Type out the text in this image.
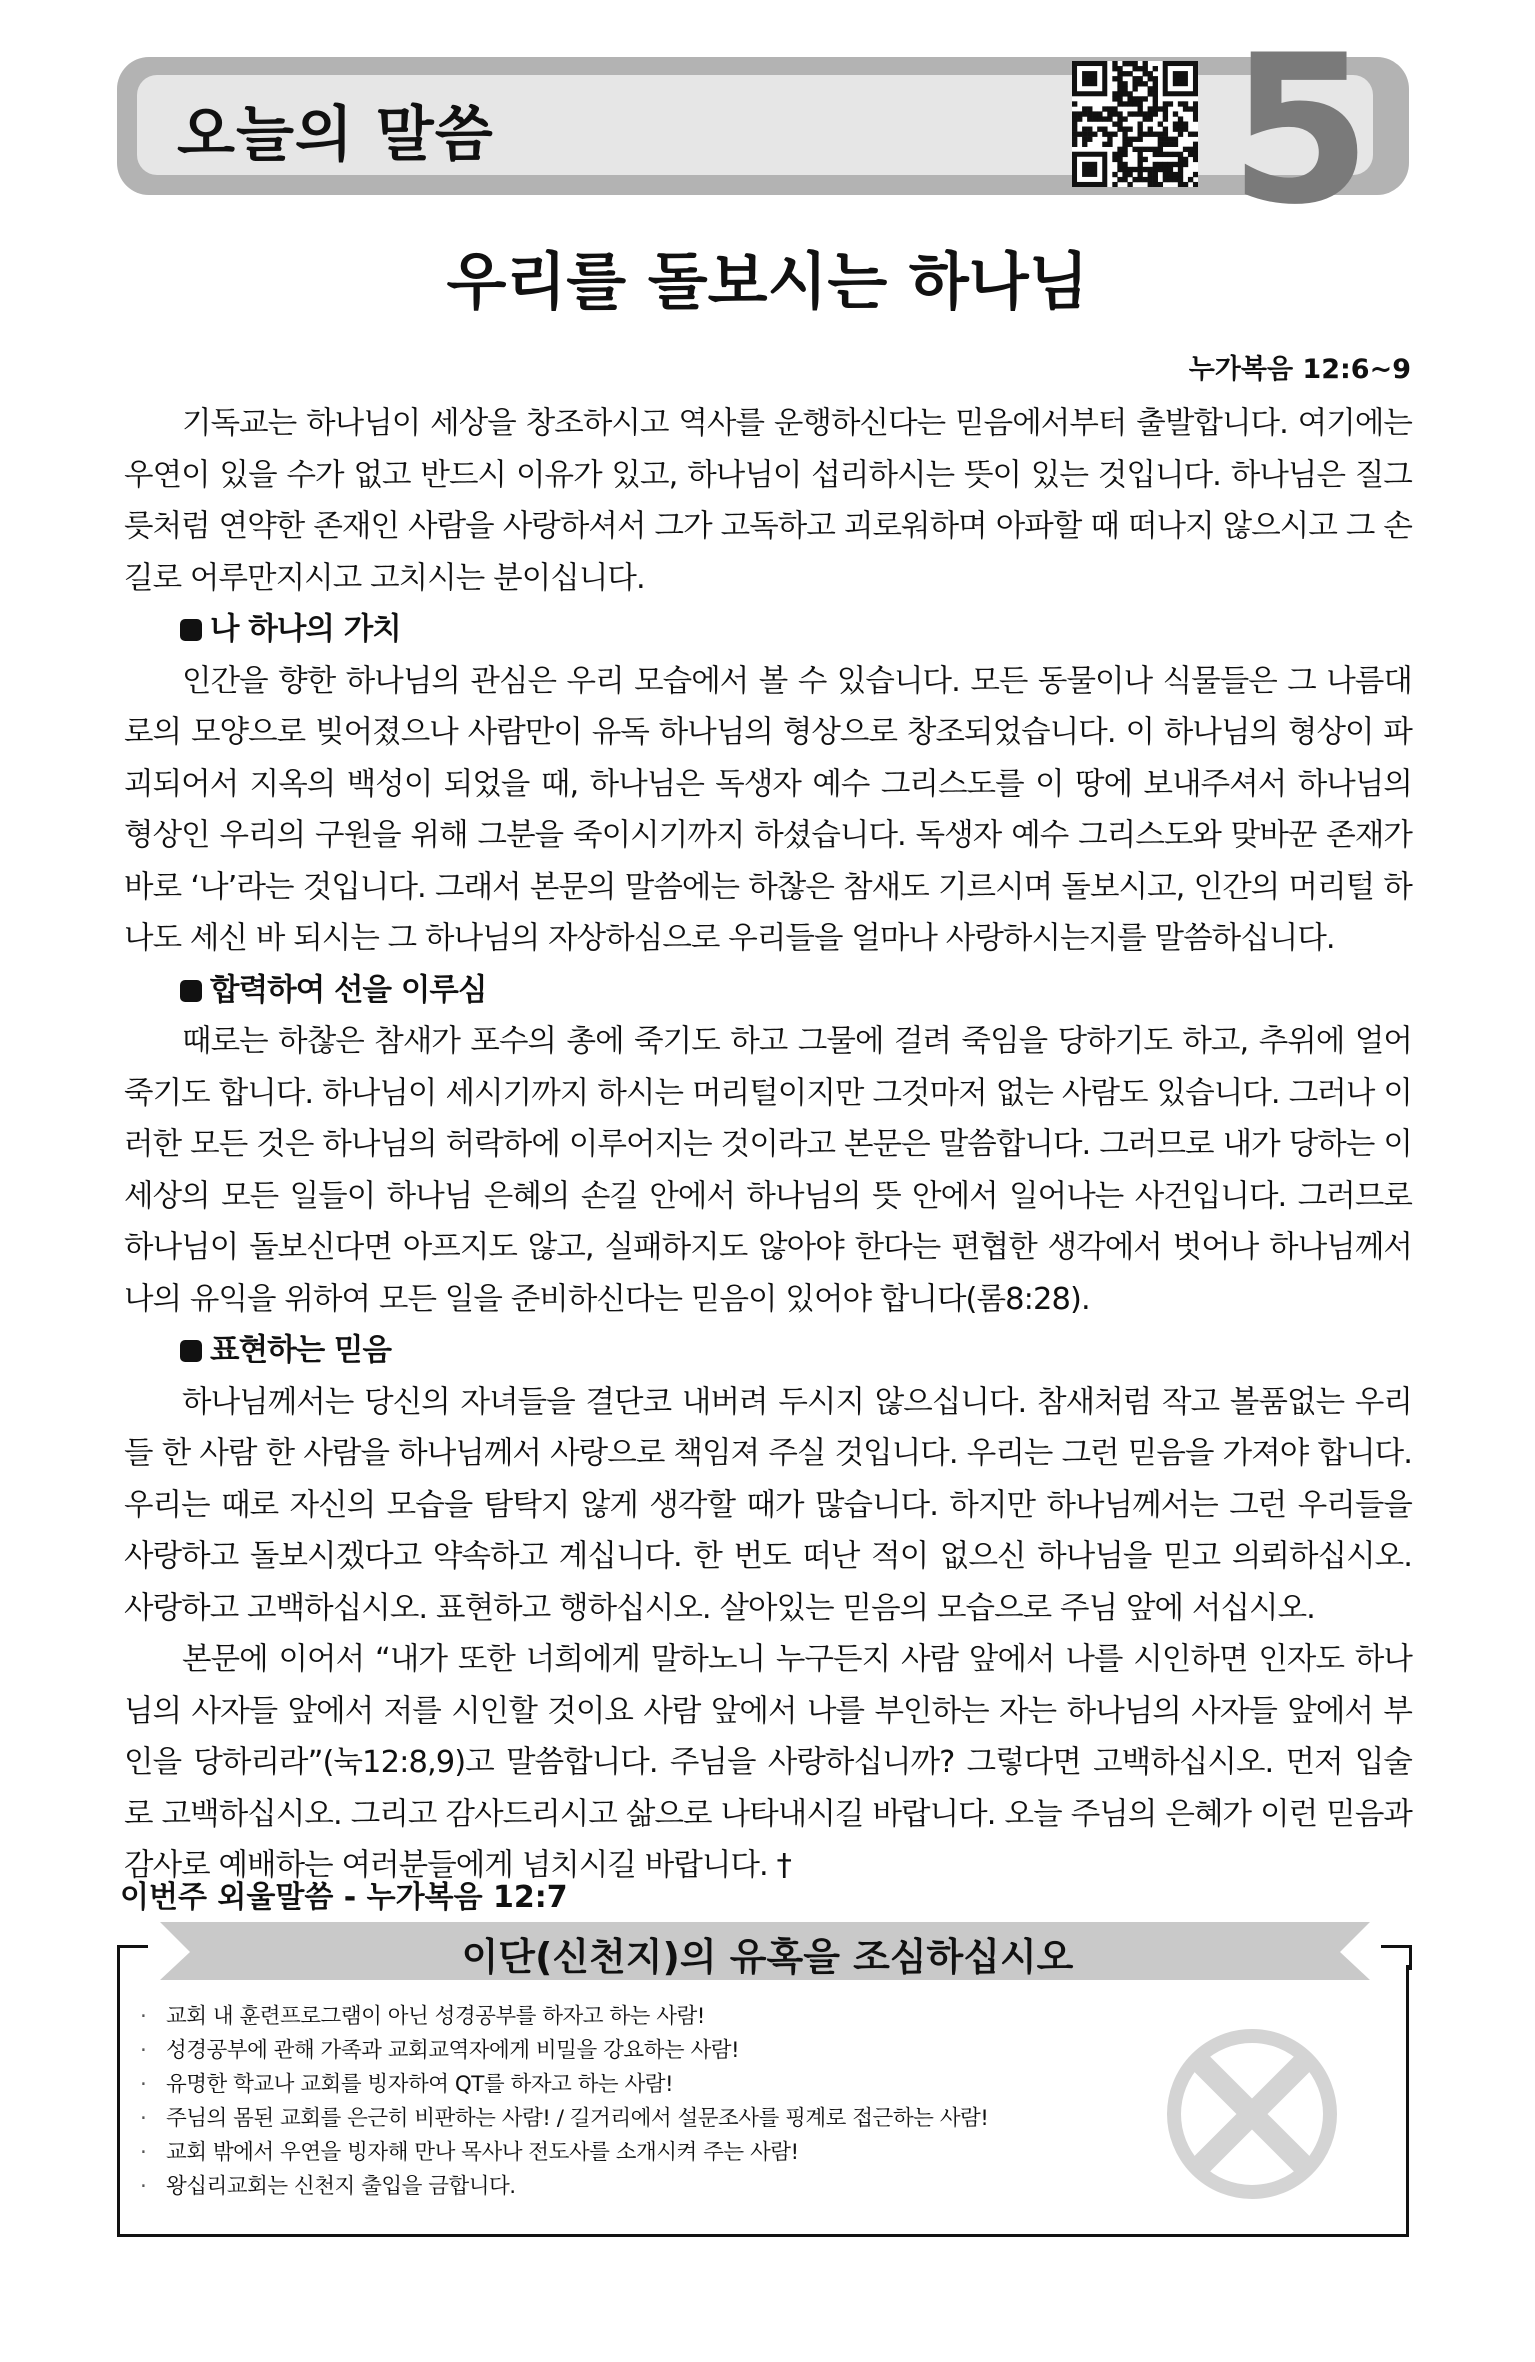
오늘의 말씀	5
우리를 돌보시는 하나님
누가복음 12:6~9

기독교는 하나님이 세상을 창조하시고 역사를 운행하신다는 믿음에서부터 출발합니다. 여기에는 우연이 있을 수가 없고 반드시 이유가 있고, 하나님이 섭리하시는 뜻이 있는 것입니다. 하나님은 질그릇처럼 연약한 존재인 사람을 사랑하셔서 그가 고독하고 괴로워하며 아파할 때 떠나지 않으시고 그 손길로 어루만지시고 고치시는 분이십니다.

나 하나의 가치

인간을 향한 하나님의 관심은 우리 모습에서 볼 수 있습니다. 모든 동물이나 식물들은 그 나름대로의 모양으로 빚어졌으나 사람만이 유독 하나님의 형상으로 창조되었습니다. 이 하나님의 형상이 파괴되어서 지옥의 백성이 되었을 때, 하나님은 독생자 예수 그리스도를 이 땅에 보내주셔서 하나님의 형상인 우리의 구원을 위해 그분을 죽이시기까지 하셨습니다. 독생자 예수 그리스도와 맞바꾼 존재가 바로 ‘나’라는 것입니다. 그래서 본문의 말씀에는 하찮은 참새도 기르시며 돌보시고, 인간의 머리털 하나도 세신 바 되시는 그 하나님의 자상하심으로 우리들을 얼마나 사랑하시는지를 말씀하십니다.

합력하여 선을 이루심

때로는 하찮은 참새가 포수의 총에 죽기도 하고 그물에 걸려 죽임을 당하기도 하고, 추위에 얼어 죽기도 합니다. 하나님이 세시기까지 하시는 머리털이지만 그것마저 없는 사람도 있습니다. 그러나 이러한 모든 것은 하나님의 허락하에 이루어지는 것이라고 본문은 말씀합니다. 그러므로 내가 당하는 이 세상의 모든 일들이 하나님 은혜의 손길 안에서 하나님의 뜻 안에서 일어나는 사건입니다. 그러므로 하나님이 돌보신다면 아프지도 않고, 실패하지도 않아야 한다는 편협한 생각에서 벗어나 하나님께서 나의 유익을 위하여 모든 일을 준비하신다는 믿음이 있어야 합니다(롬8:28).

표현하는 믿음

하나님께서는 당신의 자녀들을 결단코 내버려 두시지 않으십니다. 참새처럼 작고 볼품없는 우리들 한 사람 한 사람을 하나님께서 사랑으로 책임져 주실 것입니다. 우리는 그런 믿음을 가져야 합니다. 우리는 때로 자신의 모습을 탐탁지 않게 생각할 때가 많습니다. 하지만 하나님께서는 그런 우리들을 사랑하고 돌보시겠다고 약속하고 계십니다. 한 번도 떠난 적이 없으신 하나님을 믿고 의뢰하십시오. 사랑하고 고백하십시오. 표현하고 행하십시오. 살아있는 믿음의 모습으로 주님 앞에 서십시오.

본문에 이어서 “내가 또한 너희에게 말하노니 누구든지 사람 앞에서 나를 시인하면 인자도 하나님의 사자들 앞에서 저를 시인할 것이요 사람 앞에서 나를 부인하는 자는 하나님의 사자들 앞에서 부인을 당하리라”(눅12:8,9)고 말씀합니다. 주님을 사랑하십니까? 그렇다면 고백하십시오. 먼저 입술로 고백하십시오. 그리고 감사드리시고 삶으로 나타내시길 바랍니다. 오늘 주님의 은혜가 이런 믿음과 감사로 예배하는 여러분들에게 넘치시길 바랍니다. †

이번주 외울말씀 - 누가복음 12:7
이단(신천지)의 유혹을 조심하십시오
· 교회 내 훈련프로그램이 아닌 성경공부를 하자고 하는 사람!
· 성경공부에 관해 가족과 교회교역자에게 비밀을 강요하는 사람!
· 유명한 학교나 교회를 빙자하여 QT를 하자고 하는 사람!
· 주님의 몸된 교회를 은근히 비판하는 사람! / 길거리에서 설문조사를 핑계로 접근하는 사람!
· 교회 밖에서 우연을 빙자해 만나 목사나 전도사를 소개시켜 주는 사람!
· 왕십리교회는 신천지 출입을 금합니다.
